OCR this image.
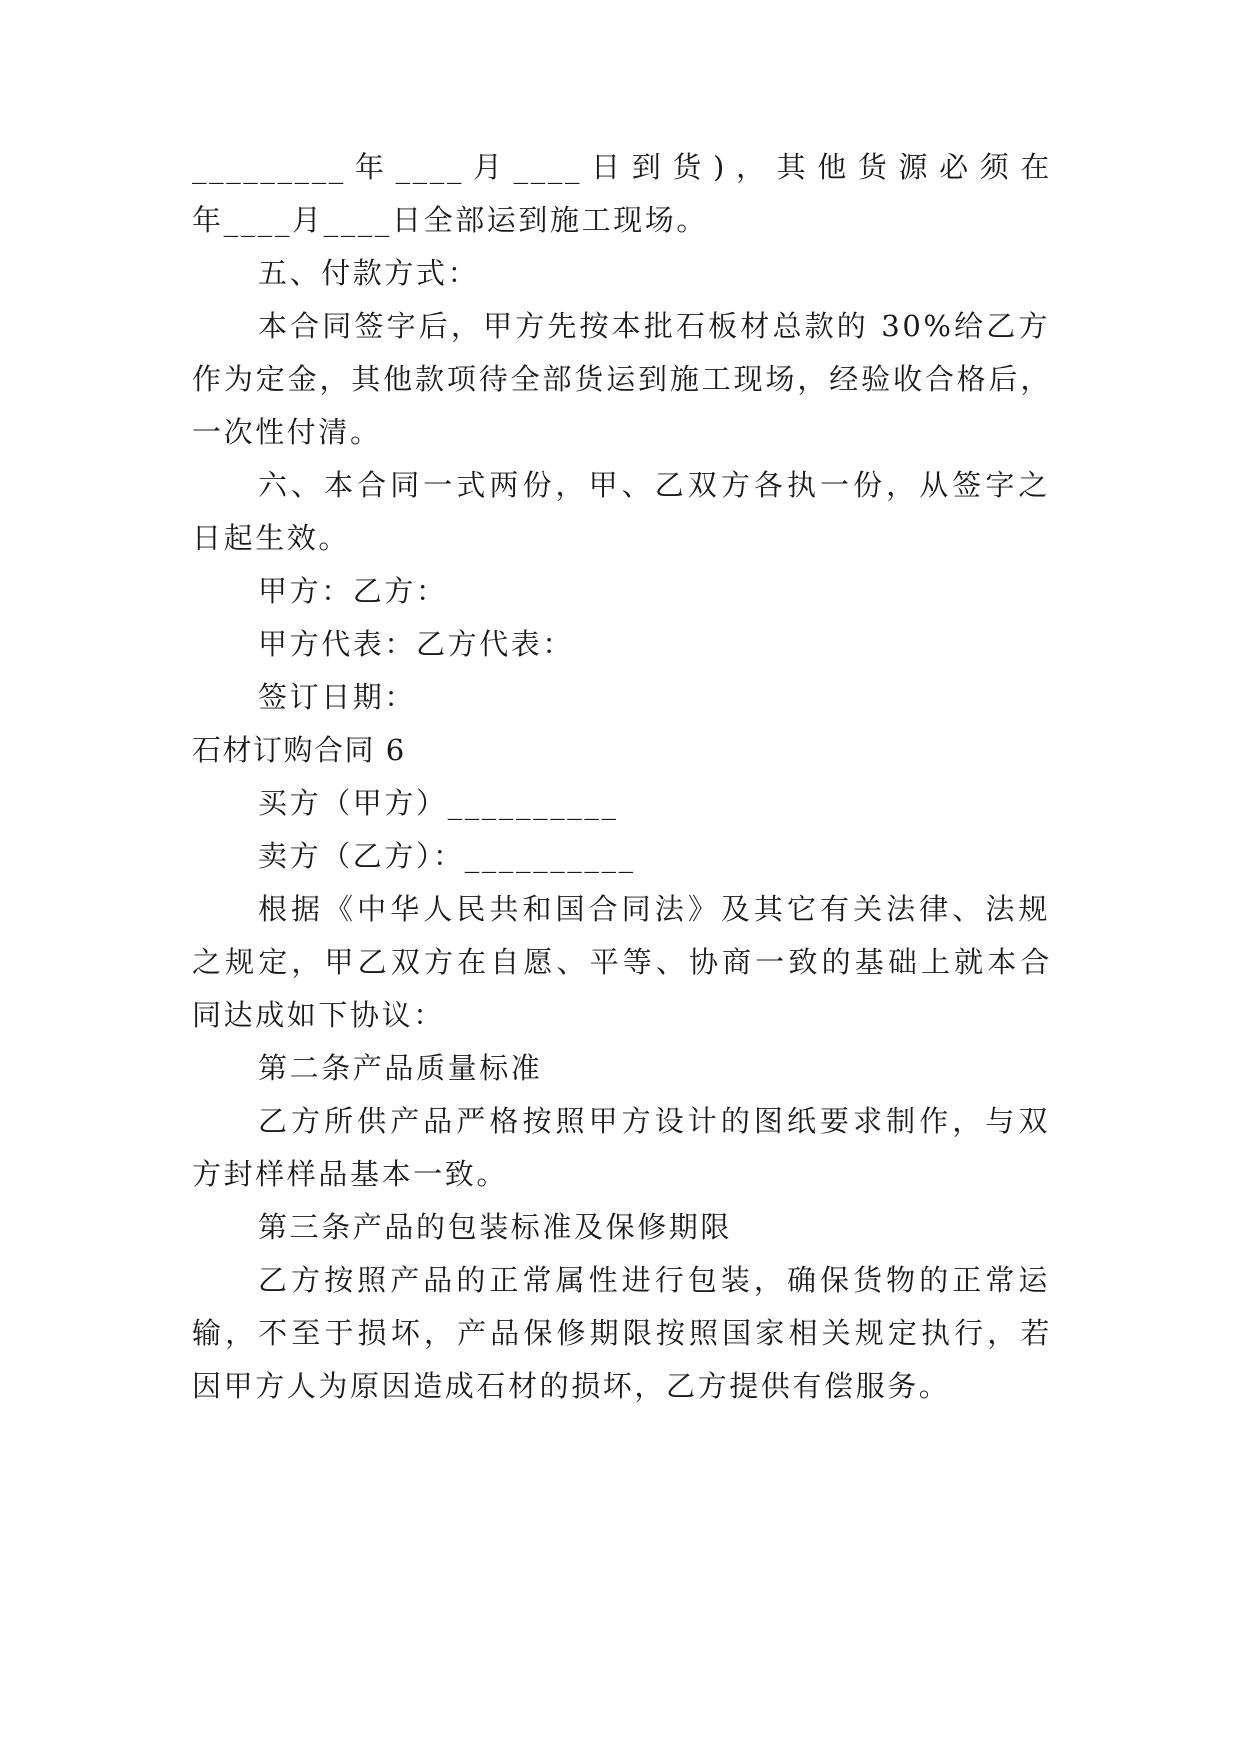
_________年____月____日到货)，其他货源必须在
年____月____日全部运到施工现场。
五、付款方式：
本合同签字后，甲方先按本批石板材总款的 30%给乙方
作为定金，其他款项待全部货运到施工现场，经验收合格后，
一次性付清。
六、本合同一式两份，甲、乙双方各执一份，从签字之
日起生效。
甲方：乙方：
甲方代表：乙方代表：
签订日期：
石材订购合同 6
买方（甲方）__________
卖方（乙方）：__________
根据《中华人民共和国合同法》及其它有关法律、法规
之规定，甲乙双方在自愿、平等、协商一致的基础上就本合
同达成如下协议：
第二条产品质量标准
乙方所供产品严格按照甲方设计的图纸要求制作，与双
方封样样品基本一致。
第三条产品的包装标准及保修期限
乙方按照产品的正常属性进行包装，确保货物的正常运
输，不至于损坏，产品保修期限按照国家相关规定执行，若
因甲方人为原因造成石材的损坏，乙方提供有偿服务。
